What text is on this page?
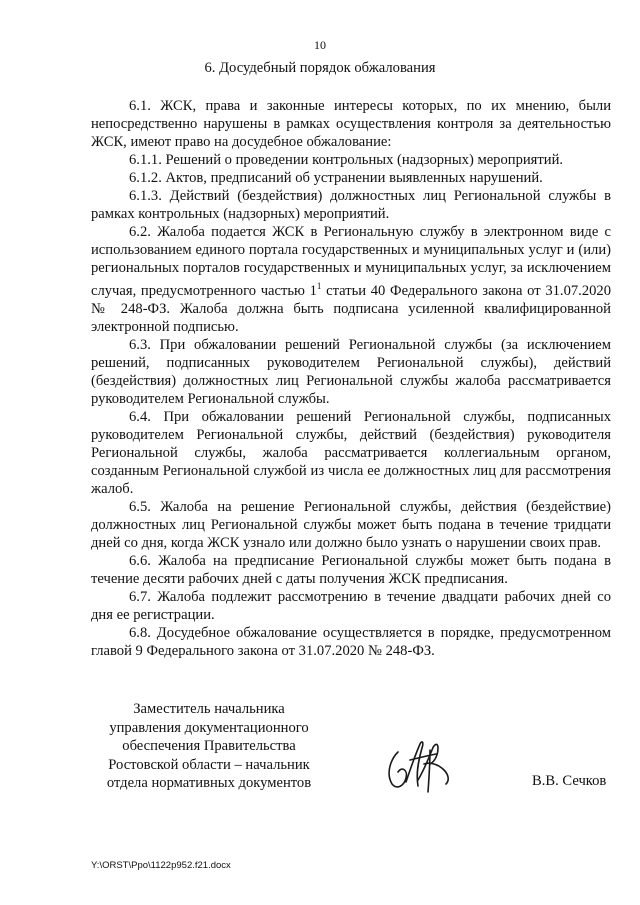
10
6. Досудебный порядок обжалования

6.1. ЖСК, права и законные интересы которых, по их мнению, были непосредственно нарушены в рамках осуществления контроля за деятельностью ЖСК, имеют право на досудебное обжалование:

6.1.1. Решений о проведении контрольных (надзорных) мероприятий.

6.1.2. Актов, предписаний об устранении выявленных нарушений.

6.1.3. Действий (бездействия) должностных лиц Региональной службы в рамках контрольных (надзорных) мероприятий.

6.2. Жалоба подается ЖСК в Региональную службу в электронном виде с использованием единого портала государственных и муниципальных услуг и (или) региональных порталов государственных и муниципальных услуг, за исключением случая, предусмотренного частью $1^1$ статьи 40 Федерального закона от 31.07.2020 № 248-ФЗ. Жалоба должна быть подписана усиленной квалифицированной электронной подписью.

6.3. При обжаловании решений Региональной службы (за исключением решений, подписанных руководителем Региональной службы), действий (бездействия) должностных лиц Региональной службы жалоба рассматривается руководителем Региональной службы.

6.4. При обжаловании решений Региональной службы, подписанных руководителем Региональной службы, действий (бездействия) руководителя Региональной службы, жалоба рассматривается коллегиальным органом, созданным Региональной службой из числа ее должностных лиц для рассмотрения жалоб.

6.5. Жалоба на решение Региональной службы, действия (бездействие) должностных лиц Региональной службы может быть подана в течение тридцати дней со дня, когда ЖСК узнало или должно было узнать о нарушении своих прав.

6.6. Жалоба на предписание Региональной службы может быть подана в течение десяти рабочих дней с даты получения ЖСК предписания.

6.7. Жалоба подлежит рассмотрению в течение двадцати рабочих дней со дня ее регистрации.

6.8. Досудебное обжалование осуществляется в порядке, предусмотренном главой 9 Федерального закона от 31.07.2020 № 248-ФЗ.

Заместитель начальника
управления документационного
обеспечения Правительства
Ростовской области – начальник
отдела нормативных документов	В.В. Сечков
Y:\ORST\Ppo\1122p952.f21.docx
